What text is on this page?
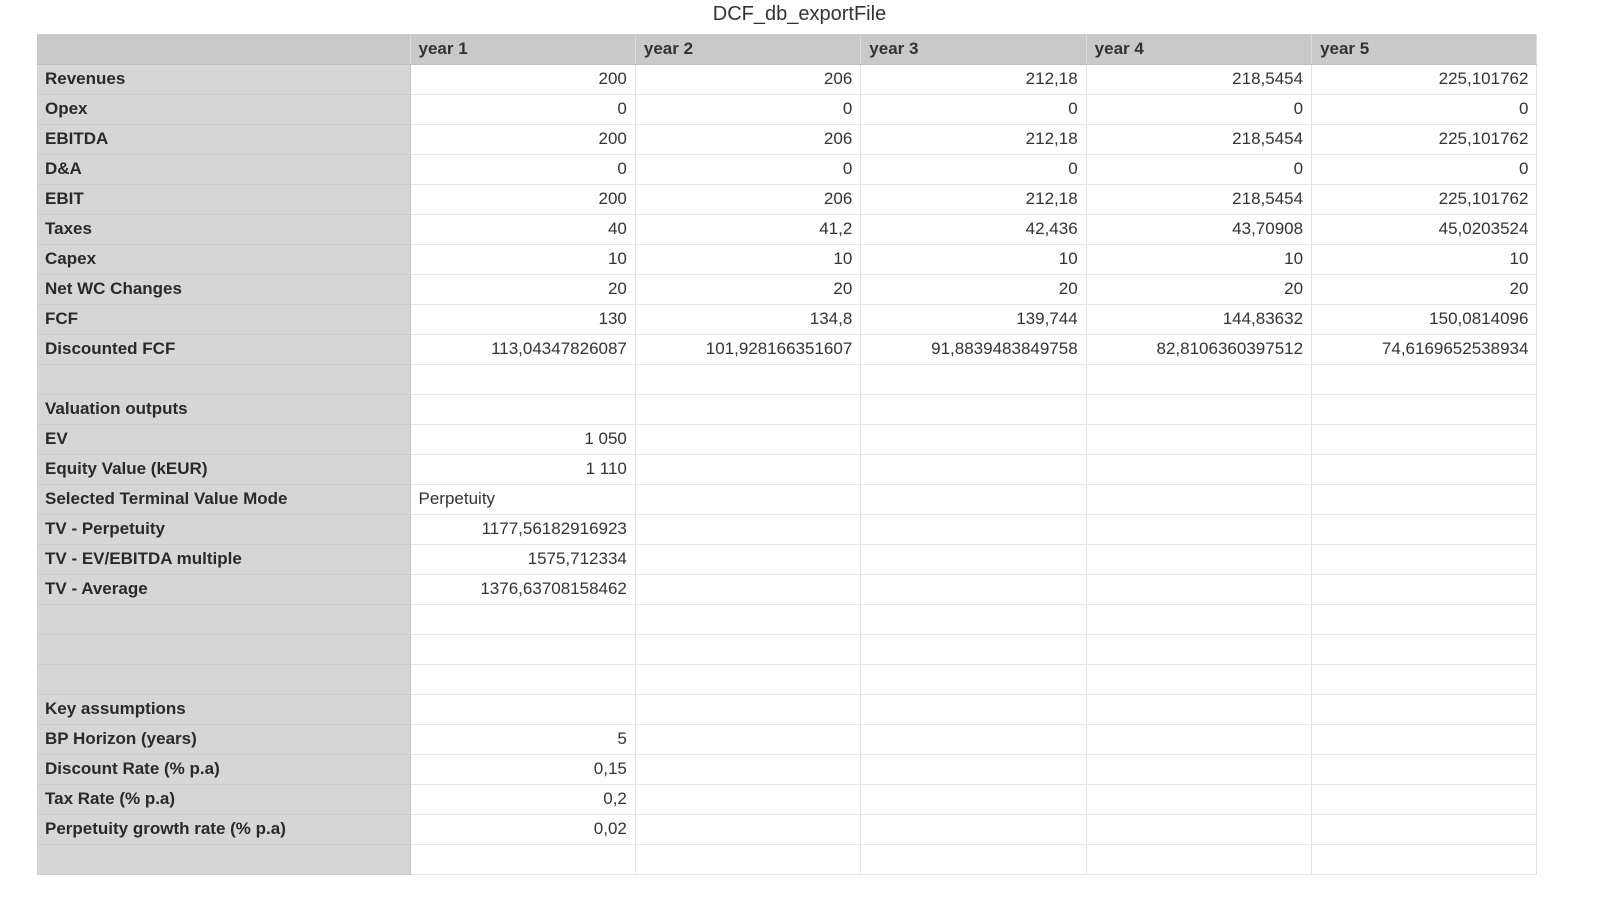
DCF_db_exportFile
	year 1	year 2	year 3	year 4	year 5
Revenues	200	206	212,18	218,5454	225,101762
Opex	0	0	0	0	0
EBITDA	200	206	212,18	218,5454	225,101762
D&A	0	0	0	0	0
EBIT	200	206	212,18	218,5454	225,101762
Taxes	40	41,2	42,436	43,70908	45,0203524
Capex	10	10	10	10	10
Net WC Changes	20	20	20	20	20
FCF	130	134,8	139,744	144,83632	150,0814096
Discounted FCF	113,04347826087	101,928166351607	91,8839483849758	82,8106360397512	74,6169652538934

Valuation outputs					
EV	1 050				
Equity Value (kEUR)	1 110				
Selected Terminal Value Mode	Perpetuity				
TV - Perpetuity	1177,56182916923				
TV - EV/EBITDA multiple	1575,712334				
TV - Average	1376,63708158462				

Key assumptions					
BP Horizon (years)	5				
Discount Rate (% p.a)	0,15				
Tax Rate (% p.a)	0,2				
Perpetuity growth rate (% p.a)	0,02				
